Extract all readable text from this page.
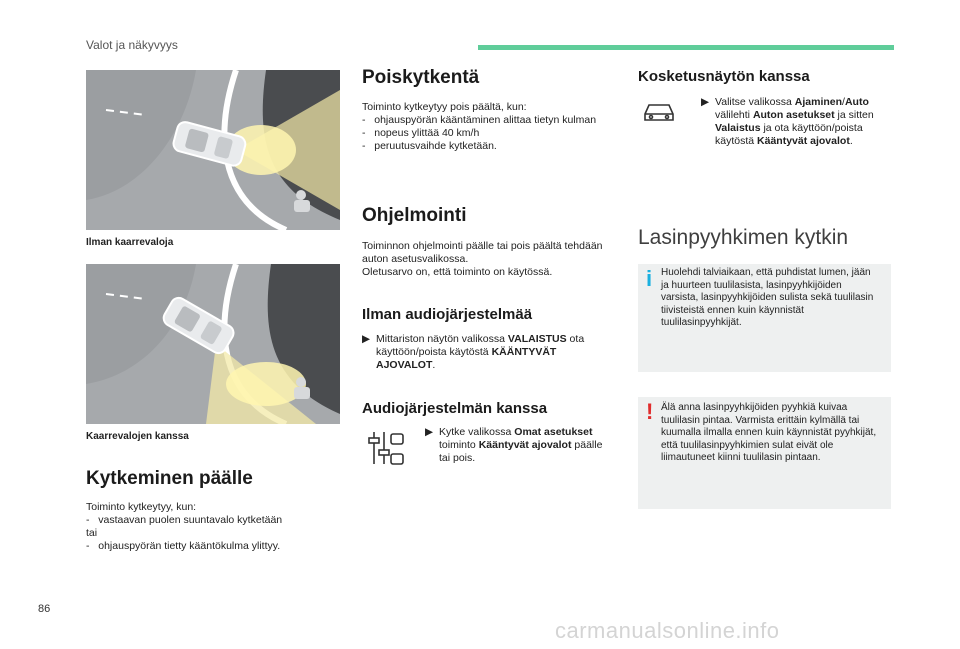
Valot ja näkyvyys
Ilman kaarrevaloja
Kaarrevalojen kanssa
Kytkeminen päälle

Toiminto kytkeytyy, kun:

-   vastaavan puolen suuntavalo kytketään

tai

-   ohjauspyörän tietty kääntökulma ylittyy.

Poiskytkentä

Toiminto kytkeytyy pois päältä, kun:

-   ohjauspyörän kääntäminen alittaa tietyn kulman
-   nopeus ylittää 40 km/h
-   peruutusvaihde kytketään.
Ohjelmointi

Toiminnon ohjelmointi päälle tai pois päältä tehdään auton asetusvalikossa.

Oletusarvo on, että toiminto on käytössä.

Ilman audiojärjestelmää
▶︎ Mittariston näytön valikossa VALAISTUS ota käyttöön/poista käytöstä KÄÄNTYVÄT AJOVALOT.
Audiojärjestelmän kanssa
▶︎ Kytke valikossa Omat asetukset toiminto Kääntyvät ajovalot päälle tai pois.
Kosketusnäytön kanssa
▶︎ Valitse valikossa Ajaminen/Auto välilehti Auton asetukset ja sitten Valaistus ja ota käyttöön/poista käytöstä Kääntyvät ajovalot.
Lasinpyyhkimen kytkin
i Huolehdi talviaikaan, että puhdistat lumen, jään ja huurteen tuulilasista, lasinpyyhkijöiden varsista, lasinpyyhkijöiden sulista sekä tuulilasin tiivisteistä ennen kuin käynnistät tuulilasinpyyhkijät.
! Älä anna lasinpyyhkijöiden pyyhkiä kuivaa tuulilasin pintaa. Varmista erittäin kylmällä tai kuumalla ilmalla ennen kuin käynnistät pyyhkijät, että tuulilasinpyyhkimien sulat eivät ole liimautuneet kiinni tuulilasin pintaan.
86
carmanualsonline.info
